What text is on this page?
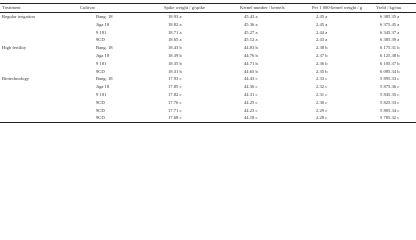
Treatment	Cultivar	Spike weight / g/spike	Kernel number / kernels	Per 1 000-kernel weight / g	Yield / kg/mu
Regular irrigation	Bang. 18	18.93 a	45.43 a	2.45 a	6 385.35 a
	Jiga 18	18.82 a	45.36 a	2.45 a	6 375.45 a
	9 181	18.71 a	45.27 a	2.44 a	6 345.37 a
	9CD	18.65 a	45.12 a	2.43 a	6 385.39 a
High fertility	Bang. 18	18.43 b	44.83 b	2.38 b	6 175.31 b
	Jiga 18	18.39 b	44.76 b	2.37 b	6 125.38 b
	9 181	18.35 b	44.71 b	2.36 b	6 105.37 b
	9CD	18.31 b	44.65 b	2.35 b	6 085.34 b
Biotechnology	Bang. 18	17.93 c	44.43 c	2.33 c	5 895.33 c
	Jiga 18	17.85 c	44.36 c	2.32 c	5 875.36 c
	9 181	17.82 c	44.31 c	2.31 c	5 845.35 c
	9CD	17.76 c	44.25 c	2.30 c	5 825.33 c
	9CD	17.71 c	44.23 c	2.29 c	5 805.34 c
	9CD	17.68 c	44.18 c	2.28 c	5 785.32 c
